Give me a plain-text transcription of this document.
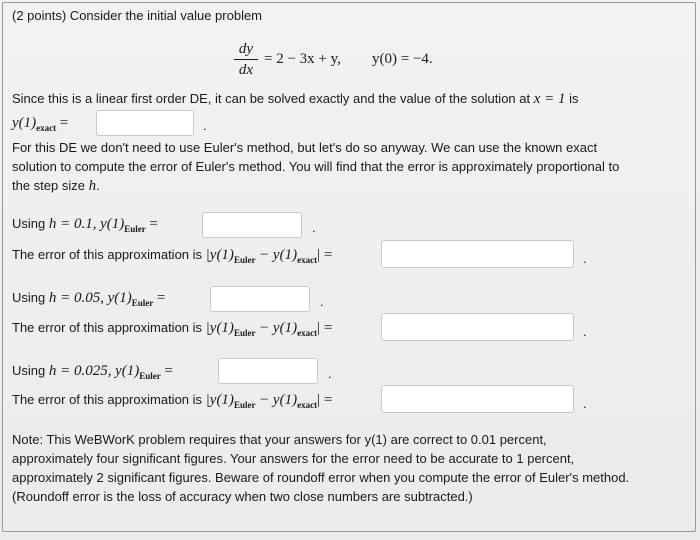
(2 points) Consider the initial value problem
dy
dx
= 2 − 3x + y, y(0) = −4.
Since this is a linear first order DE, it can be solved exactly and the value of the solution at x = 1 is
$y(1)_{exact}$ =	.
For this DE we don't need to use Euler's method, but let's do so anyway. We can use the known exact
solution to compute the error of Euler's method. You will find that the error is approximately proportional to
the step size h.
Using h = 0.1, $y(1)_{Euler}$ =	.
The error of this approximation is $|y(1)_{Euler} - y(1)_{exact}|$ =	.
Using h = 0.05, $y(1)_{Euler}$ =	.
The error of this approximation is $|y(1)_{Euler} - y(1)_{exact}|$ =	.
Using h = 0.025, $y(1)_{Euler}$ =	.
The error of this approximation is $|y(1)_{Euler} - y(1)_{exact}|$ =	.
Note: This WeBWorK problem requires that your answers for y(1) are correct to 0.01 percent,
approximately four significant figures. Your answers for the error need to be accurate to 1 percent,
approximately 2 significant figures. Beware of roundoff error when you compute the error of Euler's method.
(Roundoff error is the loss of accuracy when two close numbers are subtracted.)
